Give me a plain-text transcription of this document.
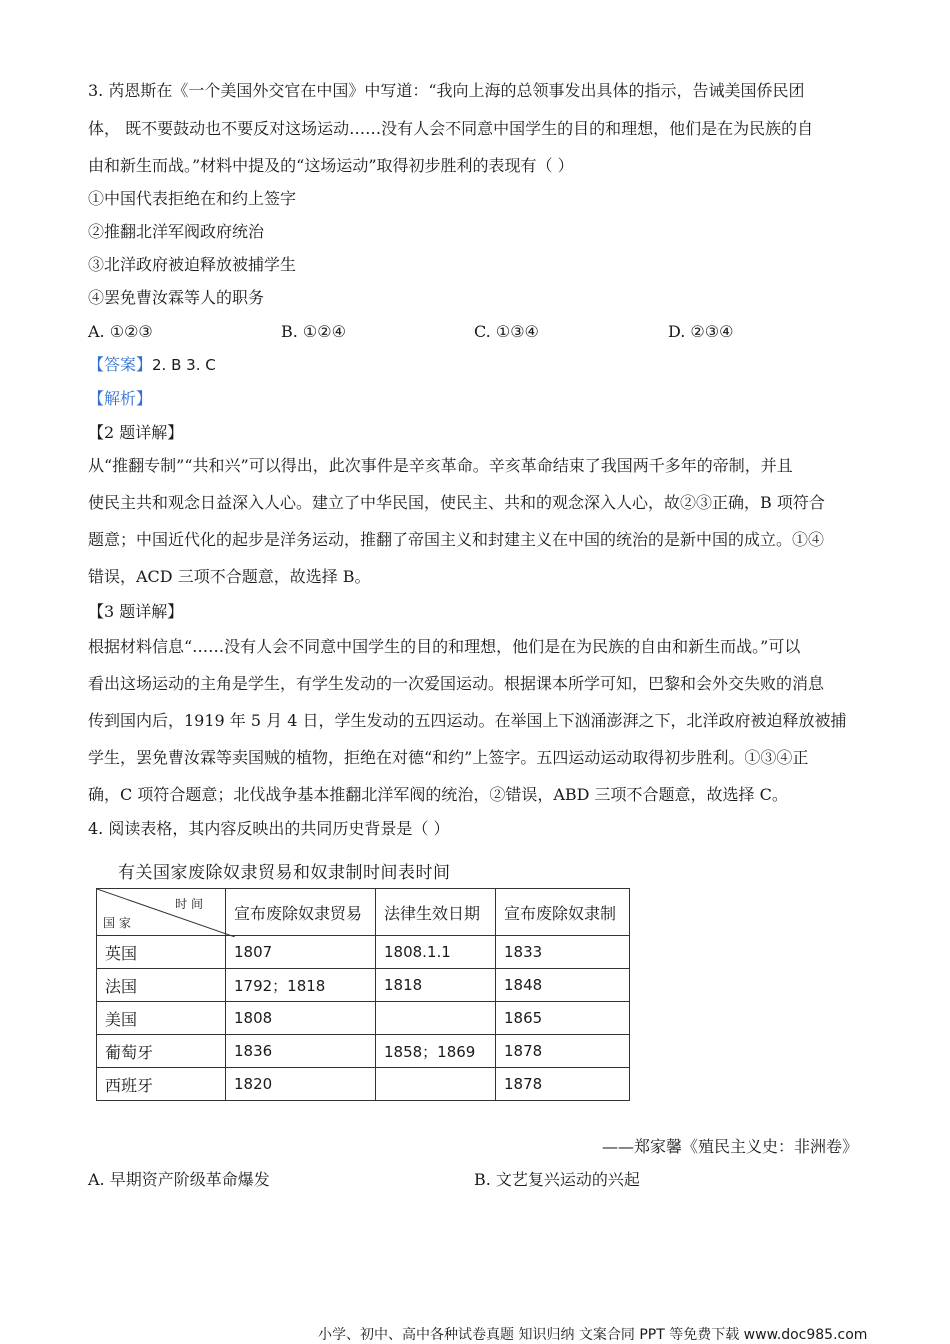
3. 芮恩斯在《一个美国外交官在中国》中写道：“我向上海的总领事发出具体的指示，告诫美国侨民团
体， 既不要鼓动也不要反对这场运动……没有人会不同意中国学生的目的和理想，他们是在为民族的自
由和新生而战。”材料中提及的“这场运动”取得初步胜利的表现有（ ）
①中国代表拒绝在和约上签字
②推翻北洋军阀政府统治
③北洋政府被迫释放被捕学生
④罢免曹汝霖等人的职务
A. ①②③	B. ①②④	C. ①③④	D. ②③④
【答案】2. B 3. C
【解析】
【2 题详解】
从“推翻专制”“共和兴”可以得出，此次事件是辛亥革命。辛亥革命结束了我国两千多年的帝制，并且
使民主共和观念日益深入人心。建立了中华民国，使民主、共和的观念深入人心，故②③正确，B 项符合
题意；中国近代化的起步是洋务运动，推翻了帝国主义和封建主义在中国的统治的是新中国的成立。①④
错误，ACD 三项不合题意，故选择 B。
【3 题详解】
根据材料信息“……没有人会不同意中国学生的目的和理想，他们是在为民族的自由和新生而战。”可以
看出这场运动的主角是学生，有学生发动的一次爱国运动。根据课本所学可知，巴黎和会外交失败的消息
传到国内后，1919 年 5 月 4 日，学生发动的五四运动。在举国上下汹涌澎湃之下，北洋政府被迫释放被捕
学生，罢免曹汝霖等卖国贼的植物，拒绝在对德“和约”上签字。五四运动运动取得初步胜利。①③④正
确，C 项符合题意；北伐战争基本推翻北洋军阀的统治，②错误，ABD 三项不合题意，故选择 C。
4. 阅读表格，其内容反映出的共同历史背景是（ ）
有关国家废除奴隶贸易和奴隶制时间表时间
时 间
国 家	宣布废除奴隶贸易	法律生效日期	宣布废除奴隶制
英国	1807	1808.1.1	1833
法国	1792；1818	1818	1848
美国	1808		1865
葡萄牙	1836	1858；1869	1878
西班牙	1820		1878
——郑家馨《殖民主义史：非洲卷》
A. 早期资产阶级革命爆发	B. 文艺复兴运动的兴起
小学、初中、高中各种试卷真题 知识归纳 文案合同 PPT 等免费下载 www.doc985.com
